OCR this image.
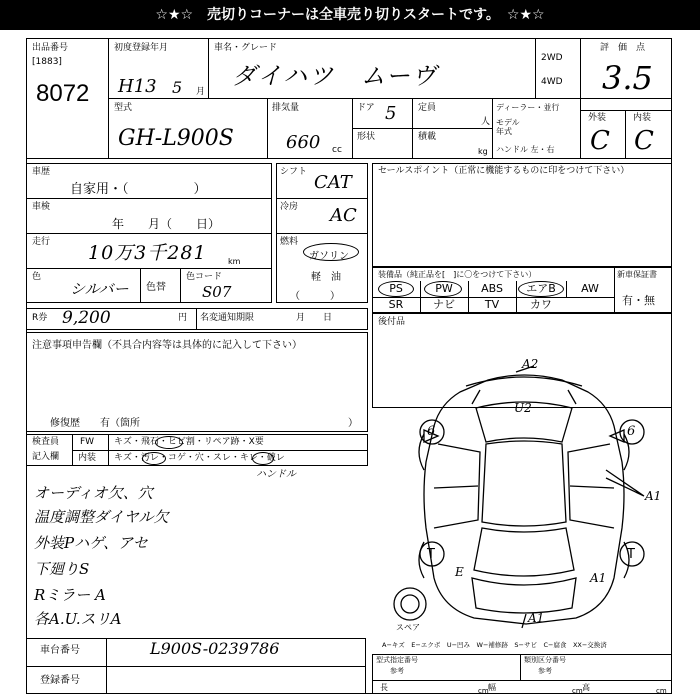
☆★☆　売切りコーナーは全車売り切りスタートです。　☆★☆
出品番号
[1883]
8072
初度登録年月
H13 5 月
車名・グレード
ダイハツ　ムーヴ
2WD
4WD
評　価　点
3.5
型式
GH-L900S
排気量
660 cc
ドア 5
形状
定員
人
積載
kg
ディーラー・並行
モデル
年式
ハンドル 左・右
外装	内装
C C
車歴
自家用・（　　　　　）
車検
年　　月（　　日）
走行 10万3千281	km
色
シルバー 色替
色コード
S07
シフト CAT
冷房 AC
燃料
ガソリン
軽　油
（　　　）
セールスポイント（正常に機能するものに印をつけて下さい）
装備品（純正品を[　]に〇をつけて下さい）	新車保証書
有・無
PS	PW	ABS	エアB	AW
SR	ナビ	TV	カワ
後付品
R券 9,200	円 名変通知期限	月　　日
注意事項申告欄（不具合内容等は具体的に記入して下さい）
修復歴　　有（箇所	）
検査員
記入欄
FW キズ・飛石・ヒビ割・リペア跡・X要
内装 キズ・汚レ・コゲ・穴・スレ・キレ・破レ
ハンドル
オーディオ欠、穴
温度調整ダイヤル欠
外装Pハゲ、アセ
下廻りS
Rミラー A
各A.U.スリA
A2
U2
A1
A1
A1
E
6	6
T	T
スペア
A−キズ　E−エクボ　U−凹み　W−補修跡　S−サビ　C−腐食　XX−交換済
車台番号	L900S-0239786
登録番号
型式指定番号
参考
類別区分番号
参考
長	cm 幅	cm 高	cm
